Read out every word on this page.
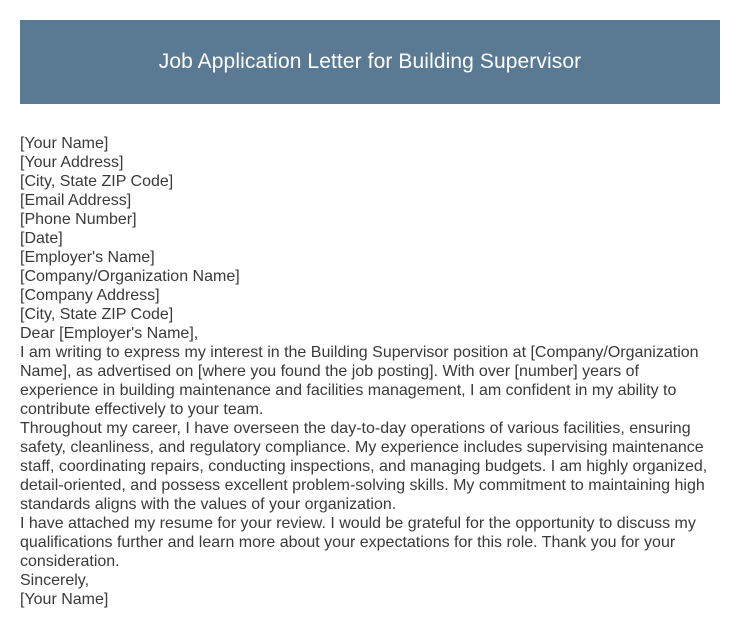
Job Application Letter for Building Supervisor
[Your Name]
[Your Address]
[City, State ZIP Code]
[Email Address]
[Phone Number]
[Date]
[Employer's Name]
[Company/Organization Name]
[Company Address]
[City, State ZIP Code]
Dear [Employer's Name],
I am writing to express my interest in the Building Supervisor position at [Company/Organization Name], as advertised on [where you found the job posting]. With over [number] years of experience in building maintenance and facilities management, I am confident in my ability to contribute effectively to your team.
Throughout my career, I have overseen the day-to-day operations of various facilities, ensuring safety, cleanliness, and regulatory compliance. My experience includes supervising maintenance staff, coordinating repairs, conducting inspections, and managing budgets. I am highly organized, detail-oriented, and possess excellent problem-solving skills. My commitment to maintaining high standards aligns with the values of your organization.
I have attached my resume for your review. I would be grateful for the opportunity to discuss my qualifications further and learn more about your expectations for this role. Thank you for your consideration.
Sincerely,
[Your Name]
